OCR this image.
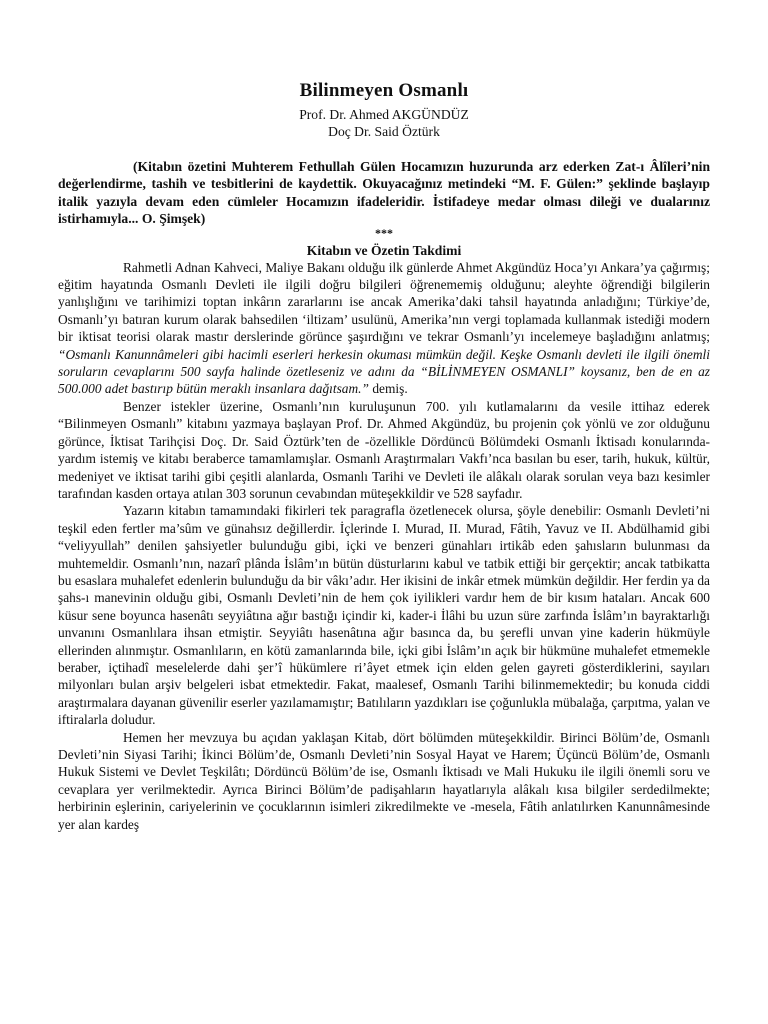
Bilinmeyen Osmanlı
Prof. Dr. Ahmed AKGÜNDÜZ
Doç Dr. Said Öztürk
(Kitabın özetini Muhterem Fethullah Gülen Hocamızın huzurunda arz ederken Zat-ı Âlîleri’nin değerlendirme, tashih ve tesbitlerini de kaydettik. Okuyacağınız metindeki “M. F. Gülen:” şeklinde başlayıp italik yazıyla devam eden cümleler Hocamızın ifadeleridir. İstifadeye medar olması dileği ve dualarınız istirhamıyla... O. Şimşek)
***
Kitabın ve Özetin Takdimi

Rahmetli Adnan Kahveci, Maliye Bakanı olduğu ilk günlerde Ahmet Akgündüz Hoca’yı Ankara’ya çağırmış; eğitim hayatında Osmanlı Devleti ile ilgili doğru bilgileri öğrenememiş olduğunu; aleyhte öğrendiği bilgilerin yanlışlığını ve tarihimizi toptan inkârın zararlarını ise ancak Amerika’daki tahsil hayatında anladığını; Türkiye’de, Osmanlı’yı batıran kurum olarak bahsedilen ‘iltizam’ usulünü, Amerika’nın vergi toplamada kullanmak istediği modern bir iktisat teorisi olarak mastır derslerinde görünce şaşırdığını ve tekrar Osmanlı’yı incelemeye başladığını anlatmış; “Osmanlı Kanunnâmeleri gibi hacimli eserleri herkesin okuması mümkün değil. Keşke Osmanlı devleti ile ilgili önemli soruların cevaplarını 500 sayfa halinde özetleseniz ve adını da “BİLİNMEYEN OSMANLI” koysanız, ben de en az 500.000 adet bastırıp bütün meraklı insanlara dağıtsam.” demiş.

Benzer istekler üzerine, Osmanlı’nın kuruluşunun 700. yılı kutlamalarını da vesile ittihaz ederek “Bilinmeyen Osmanlı” kitabını yazmaya başlayan Prof. Dr. Ahmed Akgündüz, bu projenin çok yönlü ve zor olduğunu görünce, İktisat Tarihçisi Doç. Dr. Said Öztürk’ten de -özellikle Dördüncü Bölümdeki Osmanlı İktisadı konularında- yardım istemiş ve kitabı beraberce tamamlamışlar. Osmanlı Araştırmaları Vakfı’nca basılan bu eser, tarih, hukuk, kültür, medeniyet ve iktisat tarihi gibi çeşitli alanlarda, Osmanlı Tarihi ve Devleti ile alâkalı olarak sorulan veya bazı kesimler tarafından kasden ortaya atılan 303 sorunun cevabından müteşekkildir ve 528 sayfadır.

Yazarın kitabın tamamındaki fikirleri tek paragrafla özetlenecek olursa, şöyle denebilir: Osmanlı Devleti’ni teşkil eden fertler ma’sûm ve günahsız değillerdir. İçlerinde I. Murad, II. Murad, Fâtih, Yavuz ve II. Abdülhamid gibi “veliyyullah” denilen şahsiyetler bulunduğu gibi, içki ve benzeri günahları irtikâb eden şahısların bulunması da muhtemeldir. Osmanlı’nın, nazarî plânda İslâm’ın bütün düsturlarını kabul ve tatbik ettiği bir gerçektir; ancak tatbikatta bu esaslara muhalefet edenlerin bulunduğu da bir vâkı’adır. Her ikisini de inkâr etmek mümkün değildir. Her ferdin ya da şahs-ı manevinin olduğu gibi, Osmanlı Devleti’nin de hem çok iyilikleri vardır hem de bir kısım hataları. Ancak 600 küsur sene boyunca hasenâtı seyyiâtına ağır bastığı içindir ki, kader-i İlâhi bu uzun süre zarfında İslâm’ın bayraktarlığı unvanını Osmanlılara ihsan etmiştir. Seyyiâtı hasenâtına ağır basınca da, bu şerefli unvan yine kaderin hükmüyle ellerinden alınmıştır. Osmanlıların, en kötü zamanlarında bile, içki gibi İslâm’ın açık bir hükmüne muhalefet etmemekle beraber, içtihadî meselelerde dahi şer’î hükümlere ri’âyet etmek için elden gelen gayreti gösterdiklerini, sayıları milyonları bulan arşiv belgeleri isbat etmektedir. Fakat, maalesef, Osmanlı Tarihi bilinmemektedir; bu konuda ciddi araştırmalara dayanan güvenilir eserler yazılamamıştır; Batılıların yazdıkları ise çoğunlukla mübalağa, çarpıtma, yalan ve iftiralarla doludur.

Hemen her mevzuya bu açıdan yaklaşan Kitab, dört bölümden müteşekkildir. Birinci Bölüm’de, Osmanlı Devleti’nin Siyasi Tarihi; İkinci Bölüm’de, Osmanlı Devleti’nin Sosyal Hayat ve Harem; Üçüncü Bölüm’de, Osmanlı Hukuk Sistemi ve Devlet Teşkilâtı; Dördüncü Bölüm’de ise, Osmanlı İktisadı ve Mali Hukuku ile ilgili önemli soru ve cevaplara yer verilmektedir. Ayrıca Birinci Bölüm’de padişahların hayatlarıyla alâkalı kısa bilgiler serdedilmekte; herbirinin eşlerinin, cariyelerinin ve çocuklarının isimleri zikredilmekte ve -mesela, Fâtih anlatılırken Kanunnâmesinde yer alan kardeş
